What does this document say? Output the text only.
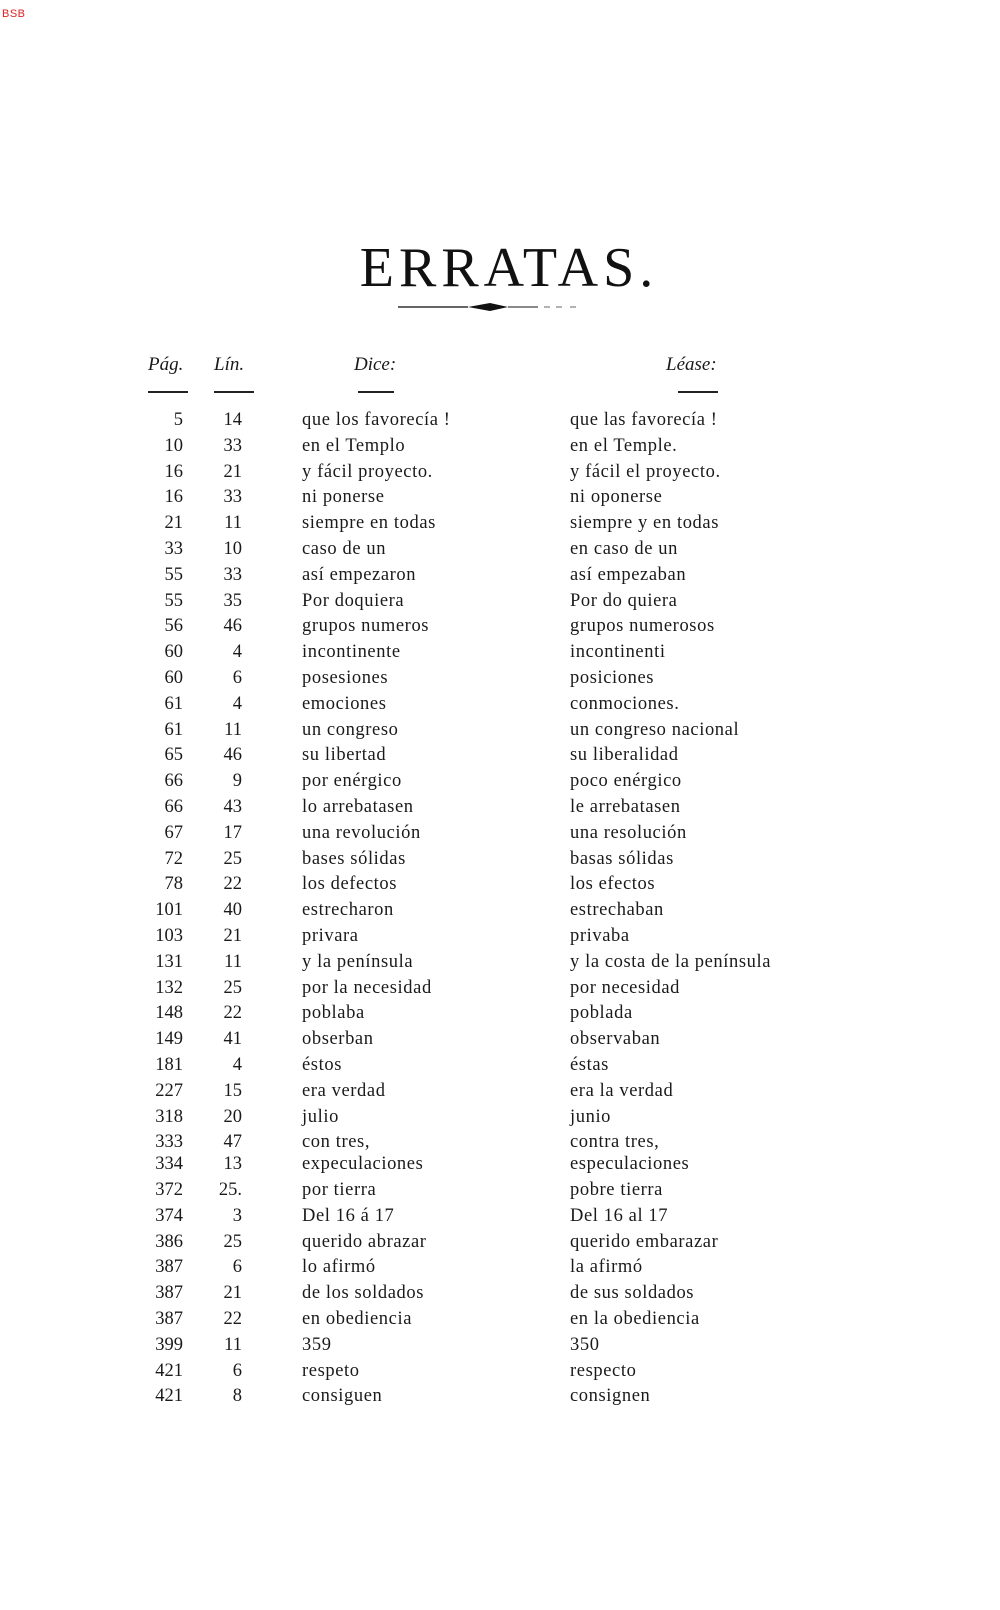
BSB
ERRATAS.
Pág. Lín.	Dice:	Léase:
5 14	que los favorecía !	que las favorecía !
10 33	en el Templo	en el Temple.
16 21	y fácil proyecto.	y fácil el proyecto.
16 33	ni ponerse	ni oponerse
21 11	siempre en todas	siempre y en todas
33 10	caso de un	en caso de un
55 33	así empezaron	así empezaban
55 35	Por doquiera	Por do quiera
56 46	grupos numeros	grupos numerosos
60	4	incontinente	incontinenti
60	6	posesiones	posiciones
61	4	emociones	conmociones.
61 11	un congreso	un congreso nacional
65 46	su libertad	su liberalidad
66	9	por enérgico	poco enérgico
66 43	lo arrebatasen	le arrebatasen
67 17	una revolución	una resolución
72 25	bases sólidas	basas sólidas
78 22	los defectos	los efectos
101 40	estrecharon	estrechaban
103 21	privara	privaba
131 11	y la península	y la costa de la península
132 25	por la necesidad	por necesidad
148 22	poblaba	poblada
149 41	obserban	observaban
181	4	éstos	éstas
227 15	era verdad	era la verdad
318 20	julio	junio
333 47	con tres,	contra tres,
334 13	expeculaciones	especulaciones
372 25.	por tierra	pobre tierra
374	3	Del 16 á 17	Del 16 al 17
386 25	querido abrazar	querido embarazar
387	6	lo afirmó	la afirmó
387 21	de los soldados	de sus soldados
387 22	en obediencia	en la obediencia
399 11	359	350
421	6	respeto	respecto
421	8	consiguen	consignen
